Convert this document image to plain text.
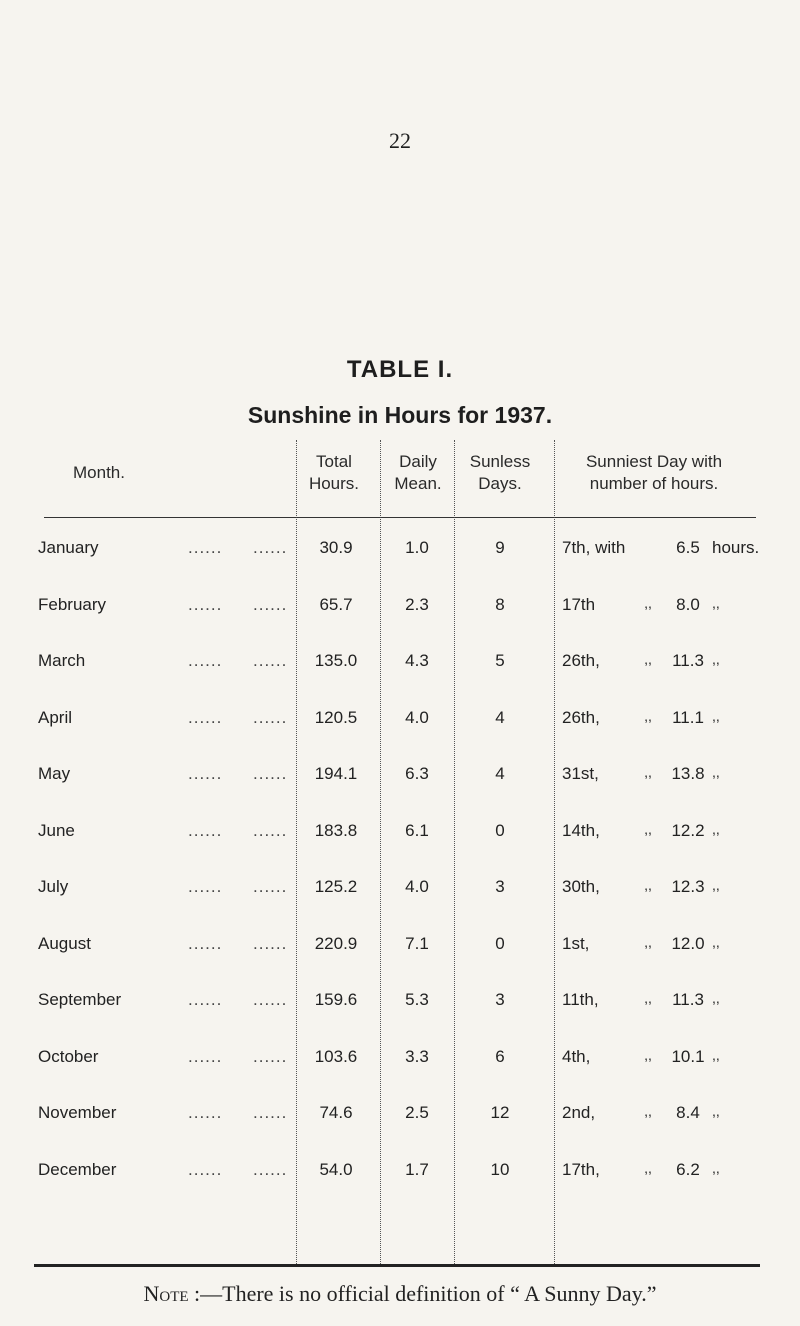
22
TABLE I.
Sunshine in Hours for 1937.
Month.
Total
Hours.
Daily
Mean.
Sunless
Days.
Sunniest Day with
number of hours.
January	...... ......	30.9	1.0	9	7th, with	6.5 hours.
February	...... ......	65.7	2.3	8	17th	,,	8.0 ,,
March	...... ......	135.0	4.3	5	26th,	,,	11.3 ,,
April	...... ......	120.5	4.0	4	26th,	,,	11.1 ,,
May	...... ......	194.1	6.3	4	31st,	,,	13.8 ,,
June	...... ......	183.8	6.1	0	14th,	,,	12.2 ,,
July	...... ......	125.2	4.0	3	30th,	,,	12.3 ,,
August	...... ......	220.9	7.1	0	1st,	,,	12.0 ,,
September	...... ......	159.6	5.3	3	11th,	,,	11.3 ,,
October	...... ......	103.6	3.3	6	4th,	,,	10.1 ,,
November	...... ......	74.6	2.5	12	2nd,	,,	8.4 ,,
December	...... ......	54.0	1.7	10	17th,	,,	6.2 ,,
Note :—There is no official definition of “ A Sunny Day.”
